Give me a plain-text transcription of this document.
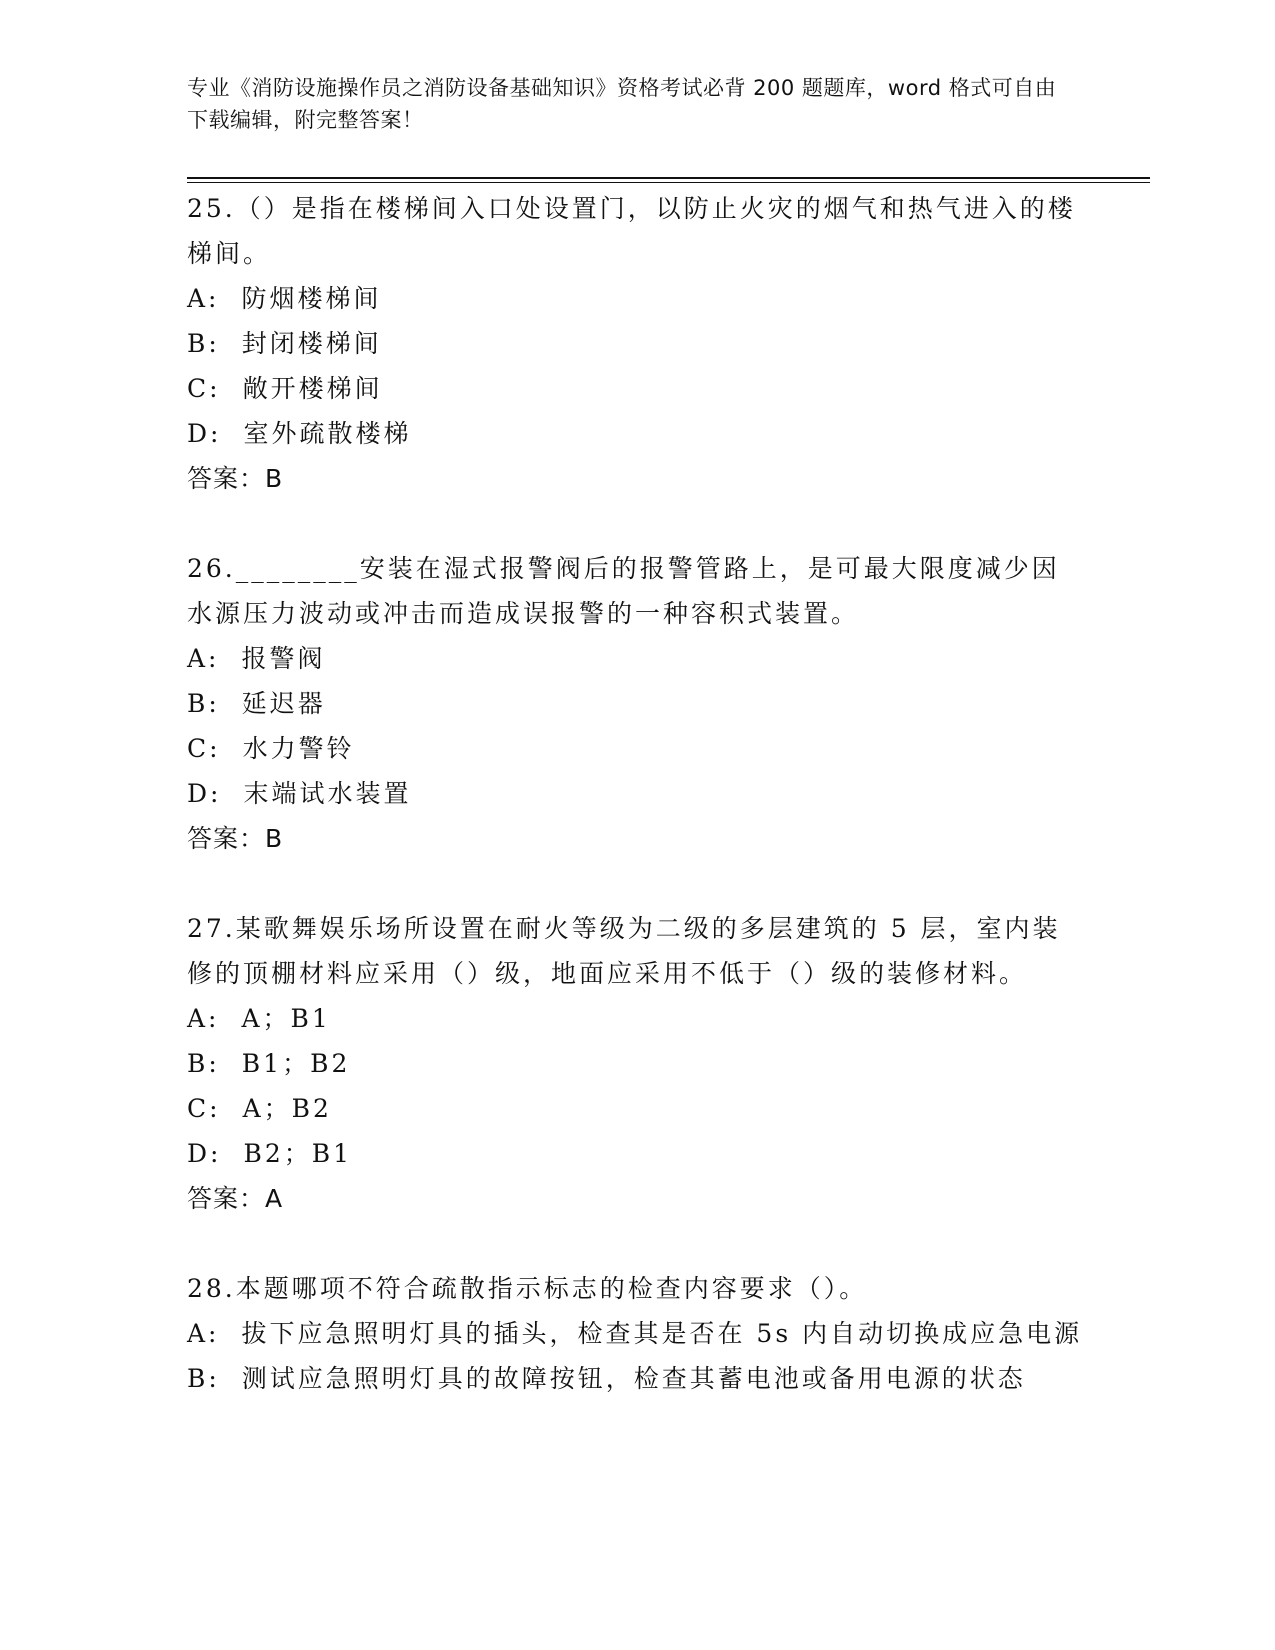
专业《消防设施操作员之消防设备基础知识》资格考试必背 200 题题库，word 格式可自由下载编辑，附完整答案！
25.（）是指在楼梯间入口处设置门，以防止火灾的烟气和热气进入的楼梯间。
A: 防烟楼梯间
B: 封闭楼梯间
C: 敞开楼梯间
D: 室外疏散楼梯
答案：B
26.________安装在湿式报警阀后的报警管路上，是可最大限度减少因水源压力波动或冲击而造成误报警的一种容积式装置。
A: 报警阀
B: 延迟器
C: 水力警铃
D: 末端试水装置
答案：B
27.某歌舞娱乐场所设置在耐火等级为二级的多层建筑的 5 层，室内装修的顶棚材料应采用（）级，地面应采用不低于（）级的装修材料。
A: A；B1
B: B1；B2
C: A；B2
D: B2；B1
答案：A
28.本题哪项不符合疏散指示标志的检查内容要求（）。
A: 拔下应急照明灯具的插头，检查其是否在 5s 内自动切换成应急电源
B: 测试应急照明灯具的故障按钮，检查其蓄电池或备用电源的状态
